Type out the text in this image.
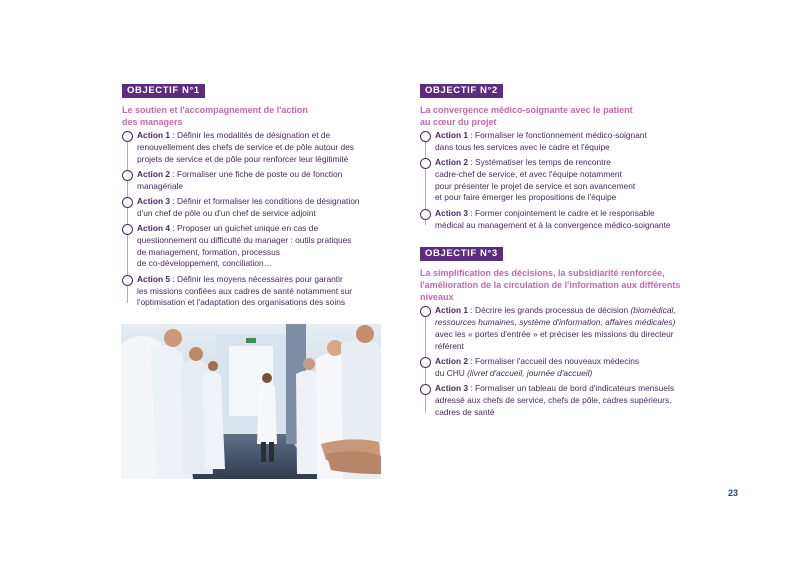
OBJECTIF N°1
Le soutien et l'accompagnement de l'action
des managers
Action 1 : Définir les modalités de désignation et de
renouvellement des chefs de service et de pôle autour des
projets de service et de pôle pour renforcer leur légitimité
Action 2 : Formaliser une fiche de poste ou de fonction
managériale
Action 3 : Définir et formaliser les conditions de désignation
d'un chef de pôle ou d'un chef de service adjoint
Action 4 : Proposer un guichet unique en cas de
questionnement ou difficulté du manager : outils pratiques
de management, formation, processus
de co-développement, conciliation…
Action 5 : Définir les moyens nécessaires pour garantir
les missions confiées aux cadres de santé notamment sur
l'optimisation et l'adaptation des organisations des soins
OBJECTIF N°2
La convergence médico-soignante avec le patient
au cœur du projet
Action 1 : Formaliser le fonctionnement médico-soignant
dans tous les services avec le cadre et l'équipe
Action 2 : Systématiser les temps de rencontre
cadre-chef de service, et avec l'équipe notamment
pour présenter le projet de service et son avancement
et pour faire émerger les propositions de l'équipe
Action 3 : Former conjointement le cadre et le responsable
médical au management et à la convergence médico-soignante
OBJECTIF N°3
La simplification des décisions, la subsidiarité renforcée,
l'amélioration de la circulation de l'information aux différents
niveaux
Action 1 : Décrire les grands processus de décision (biomédical,
ressources humaines, système d'information, affaires médicales)
avec les « portes d'entrée » et préciser les missions du directeur
référent
Action 2 : Formaliser l'accueil des nouveaux médecins
du CHU (livret d'accueil, journée d'accueil)
Action 3 : Formaliser un tableau de bord d'indicateurs mensuels
adressé aux chefs de service, chefs de pôle, cadres supérieurs,
cadres de santé
23
